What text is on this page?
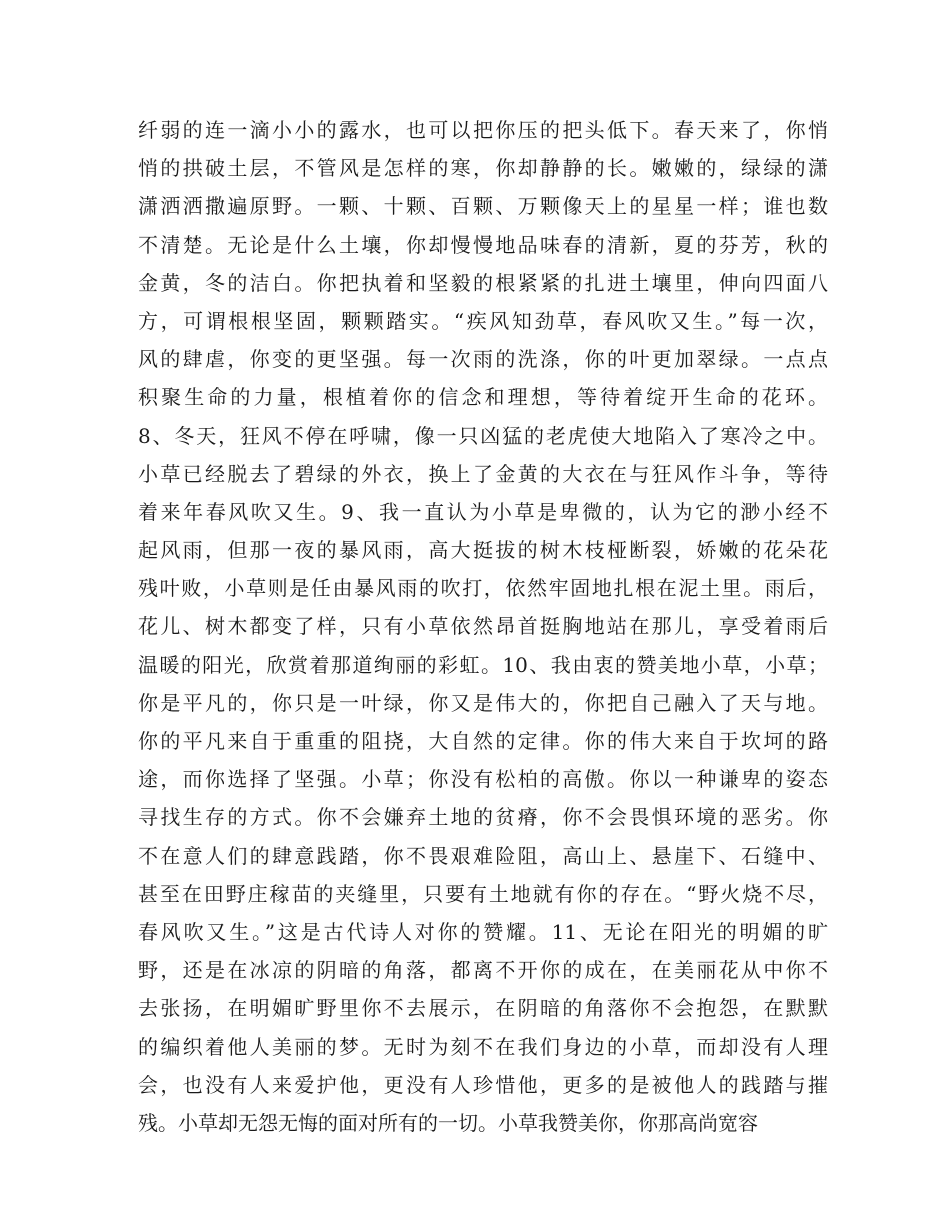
纤弱的连一滴小小的露水，也可以把你压的把头低下。春天来了，你悄
悄的拱破土层，不管风是怎样的寒，你却静静的长。嫩嫩的，绿绿的潇
潇洒洒撒遍原野。一颗、十颗、百颗、万颗像天上的星星一样；谁也数
不清楚。无论是什么土壤，你却慢慢地品味春的清新，夏的芬芳，秋的
金黄，冬的洁白。你把执着和坚毅的根紧紧的扎进土壤里，伸向四面八
方，可谓根根坚固，颗颗踏实。“疾风知劲草，春风吹又生。”每一次，
风的肆虐，你变的更坚强。每一次雨的洗涤，你的叶更加翠绿。一点点
积聚生命的力量，根植着你的信念和理想，等待着绽开生命的花环。
8、冬天，狂风不停在呼啸，像一只凶猛的老虎使大地陷入了寒冷之中。
小草已经脱去了碧绿的外衣，换上了金黄的大衣在与狂风作斗争，等待
着来年春风吹又生。9、我一直认为小草是卑微的，认为它的渺小经不
起风雨，但那一夜的暴风雨，高大挺拔的树木枝桠断裂，娇嫩的花朵花
残叶败，小草则是任由暴风雨的吹打，依然牢固地扎根在泥土里。雨后，
花儿、树木都变了样，只有小草依然昂首挺胸地站在那儿，享受着雨后
温暖的阳光，欣赏着那道绚丽的彩虹。10、我由衷的赞美地小草，小草；
你是平凡的，你只是一叶绿，你又是伟大的，你把自己融入了天与地。
你的平凡来自于重重的阻挠，大自然的定律。你的伟大来自于坎坷的路
途，而你选择了坚强。小草；你没有松柏的高傲。你以一种谦卑的姿态
寻找生存的方式。你不会嫌弃土地的贫瘠，你不会畏惧环境的恶劣。你
不在意人们的肆意践踏，你不畏艰难险阻，高山上、悬崖下、石缝中、
甚至在田野庄稼苗的夹缝里，只要有土地就有你的存在。“野火烧不尽，
春风吹又生。”这是古代诗人对你的赞耀。11、无论在阳光的明媚的旷
野，还是在冰凉的阴暗的角落，都离不开你的成在，在美丽花从中你不
去张扬，在明媚旷野里你不去展示，在阴暗的角落你不会抱怨，在默默
的编织着他人美丽的梦。无时为刻不在我们身边的小草，而却没有人理
会，也没有人来爱护他，更没有人珍惜他，更多的是被他人的践踏与摧
残。小草却无怨无悔的面对所有的一切。小草我赞美你，你那高尚宽容
